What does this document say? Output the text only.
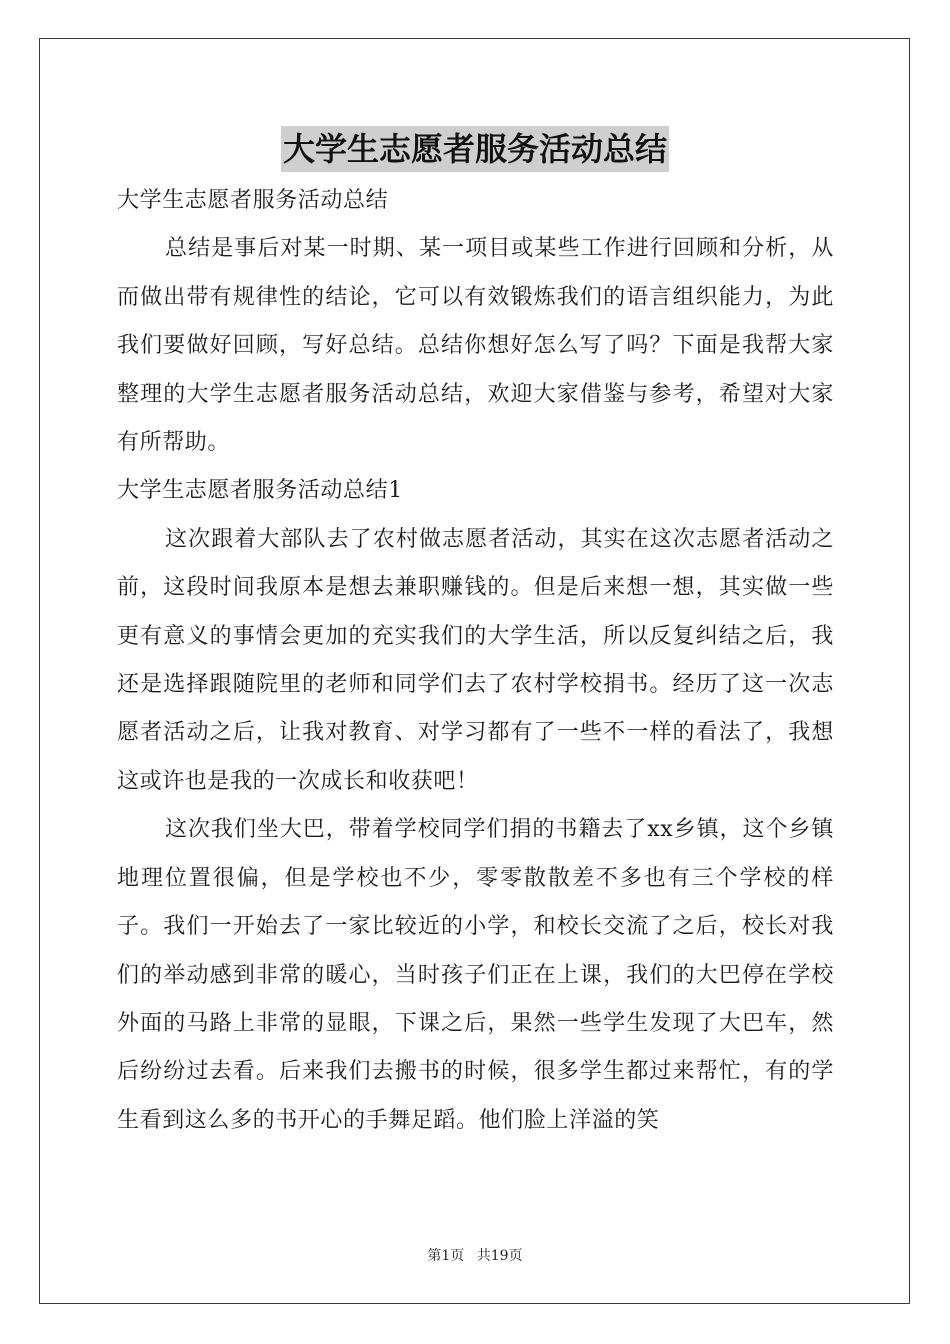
大学生志愿者服务活动总结

大学生志愿者服务活动总结

总结是事后对某一时期、某一项目或某些工作进行回顾和分析，从而做出带有规律性的结论，它可以有效锻炼我们的语言组织能力，为此我们要做好回顾，写好总结。总结你想好怎么写了吗？下面是我帮大家整理的大学生志愿者服务活动总结，欢迎大家借鉴与参考，希望对大家有所帮助。

大学生志愿者服务活动总结1

这次跟着大部队去了农村做志愿者活动，其实在这次志愿者活动之前，这段时间我原本是想去兼职赚钱的。但是后来想一想，其实做一些更有意义的事情会更加的充实我们的大学生活，所以反复纠结之后，我还是选择跟随院里的老师和同学们去了农村学校捐书。经历了这一次志愿者活动之后，让我对教育、对学习都有了一些不一样的看法了，我想这或许也是我的一次成长和收获吧！

这次我们坐大巴，带着学校同学们捐的书籍去了xx乡镇，这个乡镇地理位置很偏，但是学校也不少，零零散散差不多也有三个学校的样子。我们一开始去了一家比较近的小学，和校长交流了之后，校长对我们的举动感到非常的暖心，当时孩子们正在上课，我们的大巴停在学校外面的马路上非常的显眼，下课之后，果然一些学生发现了大巴车，然后纷纷过去看。后来我们去搬书的时候，很多学生都过来帮忙，有的学生看到这么多的书开心的手舞足蹈。他们脸上洋溢的笑

第1页 共19页
